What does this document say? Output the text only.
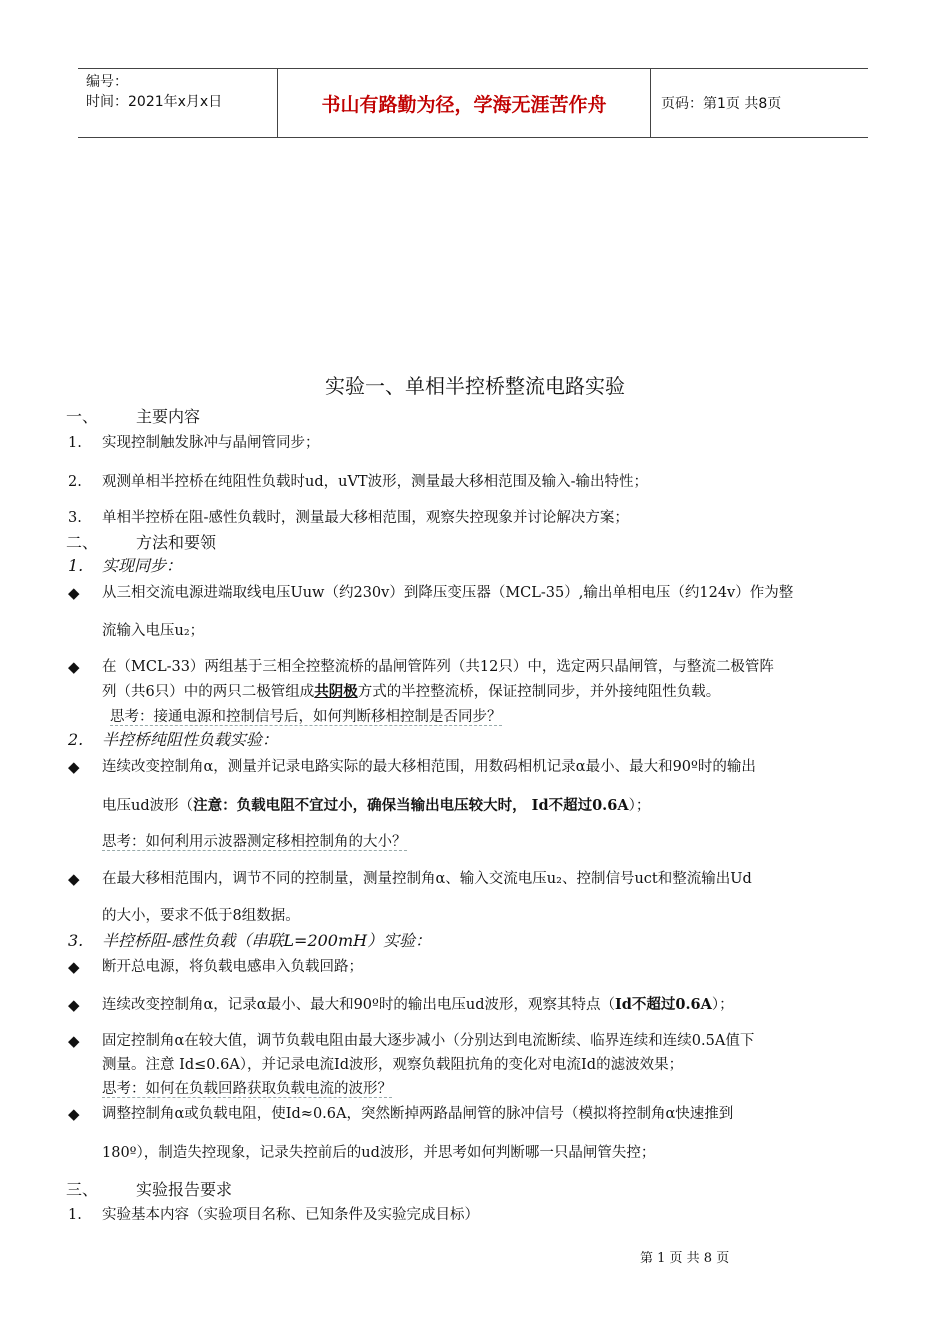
编号：
时间：2021年x月x日	书山有路勤为径，学海无涯苦作舟	页码：第1页 共8页
实验一、单相半控桥整流电路实验
一、 主要内容
1. 实现控制触发脉冲与晶闸管同步；
2. 观测单相半控桥在纯阻性负载时ud，uVT波形，测量最大移相范围及输入-输出特性；
3. 单相半控桥在阻-感性负载时，测量最大移相范围，观察失控现象并讨论解决方案；
二、 方法和要领
1. 实现同步：
◆ 从三相交流电源进端取线电压Uuw（约230v）到降压变压器（MCL-35）,输出单相电压（约124v）作为整
流输入电压u₂；
◆ 在（MCL-33）两组基于三相全控整流桥的晶闸管阵列（共12只）中，选定两只晶闸管，与整流二极管阵
列（共6只）中的两只二极管组成共阴极方式的半控整流桥，保证控制同步，并外接纯阻性负载。
思考：接通电源和控制信号后，如何判断移相控制是否同步？
2. 半控桥纯阻性负载实验：
◆ 连续改变控制角α，测量并记录电路实际的最大移相范围，用数码相机记录α最小、最大和90º时的输出
电压ud波形（注意：负载电阻不宜过小，确保当输出电压较大时， Id不超过0.6A）；
思考：如何利用示波器测定移相控制角的大小？
◆ 在最大移相范围内，调节不同的控制量，测量控制角α、输入交流电压u₂、控制信号uct和整流输出Ud
的大小，要求不低于8组数据。
3. 半控桥阻-感性负载（串联L=200mH）实验：
◆ 断开总电源，将负载电感串入负载回路；
◆ 连续改变控制角α，记录α最小、最大和90º时的输出电压ud波形，观察其特点（Id不超过0.6A）；
◆ 固定控制角α在较大值，调节负载电阻由最大逐步减小（分别达到电流断续、临界连续和连续0.5A值下
测量。注意 Id≤0.6A），并记录电流Id波形，观察负载阻抗角的变化对电流Id的滤波效果；
思考：如何在负载回路获取负载电流的波形？
◆ 调整控制角α或负载电阻，使Id≈0.6A，突然断掉两路晶闸管的脉冲信号（模拟将控制角α快速推到
180º），制造失控现象，记录失控前后的ud波形，并思考如何判断哪一只晶闸管失控；
三、 实验报告要求
1. 实验基本内容（实验项目名称、已知条件及实验完成目标）
第 1 页 共 8 页
